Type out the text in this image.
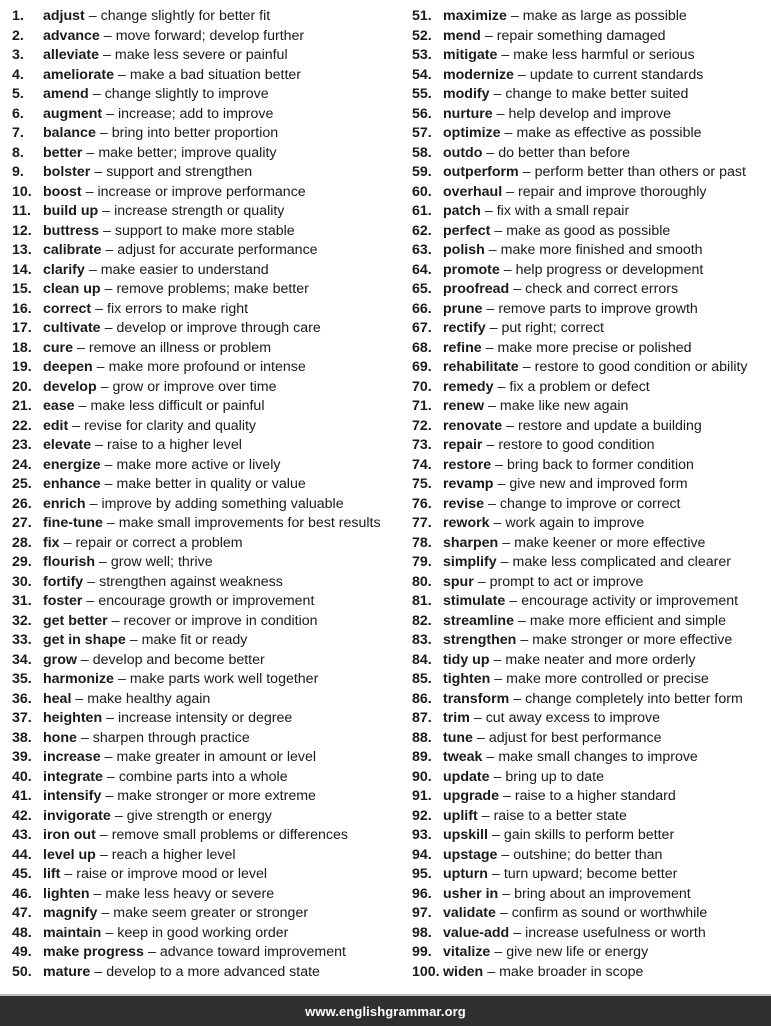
1.	adjust – change slightly for better fit
2.	advance – move forward; develop further
3.	alleviate – make less severe or painful
4.	ameliorate – make a bad situation better
5.	amend – change slightly to improve
6.	augment – increase; add to improve
7.	balance – bring into better proportion
8.	better – make better; improve quality
9.	bolster – support and strengthen
10. boost – increase or improve performance
11. build up – increase strength or quality
12. buttress – support to make more stable
13. calibrate – adjust for accurate performance
14. clarify – make easier to understand
15. clean up – remove problems; make better
16. correct – fix errors to make right
17. cultivate – develop or improve through care
18. cure – remove an illness or problem
19. deepen – make more profound or intense
20. develop – grow or improve over time
21. ease – make less difficult or painful
22. edit – revise for clarity and quality
23. elevate – raise to a higher level
24. energize – make more active or lively
25. enhance – make better in quality or value
26. enrich – improve by adding something valuable
27. fine-tune – make small improvements for best results
28. fix – repair or correct a problem
29. flourish – grow well; thrive
30. fortify – strengthen against weakness
31. foster – encourage growth or improvement
32. get better – recover or improve in condition
33. get in shape – make fit or ready
34. grow – develop and become better
35. harmonize – make parts work well together
36. heal – make healthy again
37. heighten – increase intensity or degree
38. hone – sharpen through practice
39. increase – make greater in amount or level
40. integrate – combine parts into a whole
41. intensify – make stronger or more extreme
42. invigorate – give strength or energy
43. iron out – remove small problems or differences
44. level up – reach a higher level
45. lift – raise or improve mood or level
46. lighten – make less heavy or severe
47. magnify – make seem greater or stronger
48. maintain – keep in good working order
49. make progress – advance toward improvement
50. mature – develop to a more advanced state
51. maximize – make as large as possible
52. mend – repair something damaged
53. mitigate – make less harmful or serious
54. modernize – update to current standards
55. modify – change to make better suited
56. nurture – help develop and improve
57. optimize – make as effective as possible
58. outdo – do better than before
59. outperform – perform better than others or past
60. overhaul – repair and improve thoroughly
61. patch – fix with a small repair
62. perfect – make as good as possible
63. polish – make more finished and smooth
64. promote – help progress or development
65. proofread – check and correct errors
66. prune – remove parts to improve growth
67. rectify – put right; correct
68. refine – make more precise or polished
69. rehabilitate – restore to good condition or ability
70. remedy – fix a problem or defect
71. renew – make like new again
72. renovate – restore and update a building
73. repair – restore to good condition
74. restore – bring back to former condition
75. revamp – give new and improved form
76. revise – change to improve or correct
77. rework – work again to improve
78. sharpen – make keener or more effective
79. simplify – make less complicated and clearer
80. spur – prompt to act or improve
81. stimulate – encourage activity or improvement
82. streamline – make more efficient and simple
83. strengthen – make stronger or more effective
84. tidy up – make neater and more orderly
85. tighten – make more controlled or precise
86. transform – change completely into better form
87. trim – cut away excess to improve
88. tune – adjust for best performance
89. tweak – make small changes to improve
90. update – bring up to date
91. upgrade – raise to a higher standard
92. uplift – raise to a better state
93. upskill – gain skills to perform better
94. upstage – outshine; do better than
95. upturn – turn upward; become better
96. usher in – bring about an improvement
97. validate – confirm as sound or worthwhile
98. value-add – increase usefulness or worth
99. vitalize – give new life or energy
100. widen – make broader in scope
www.englishgrammar.org
